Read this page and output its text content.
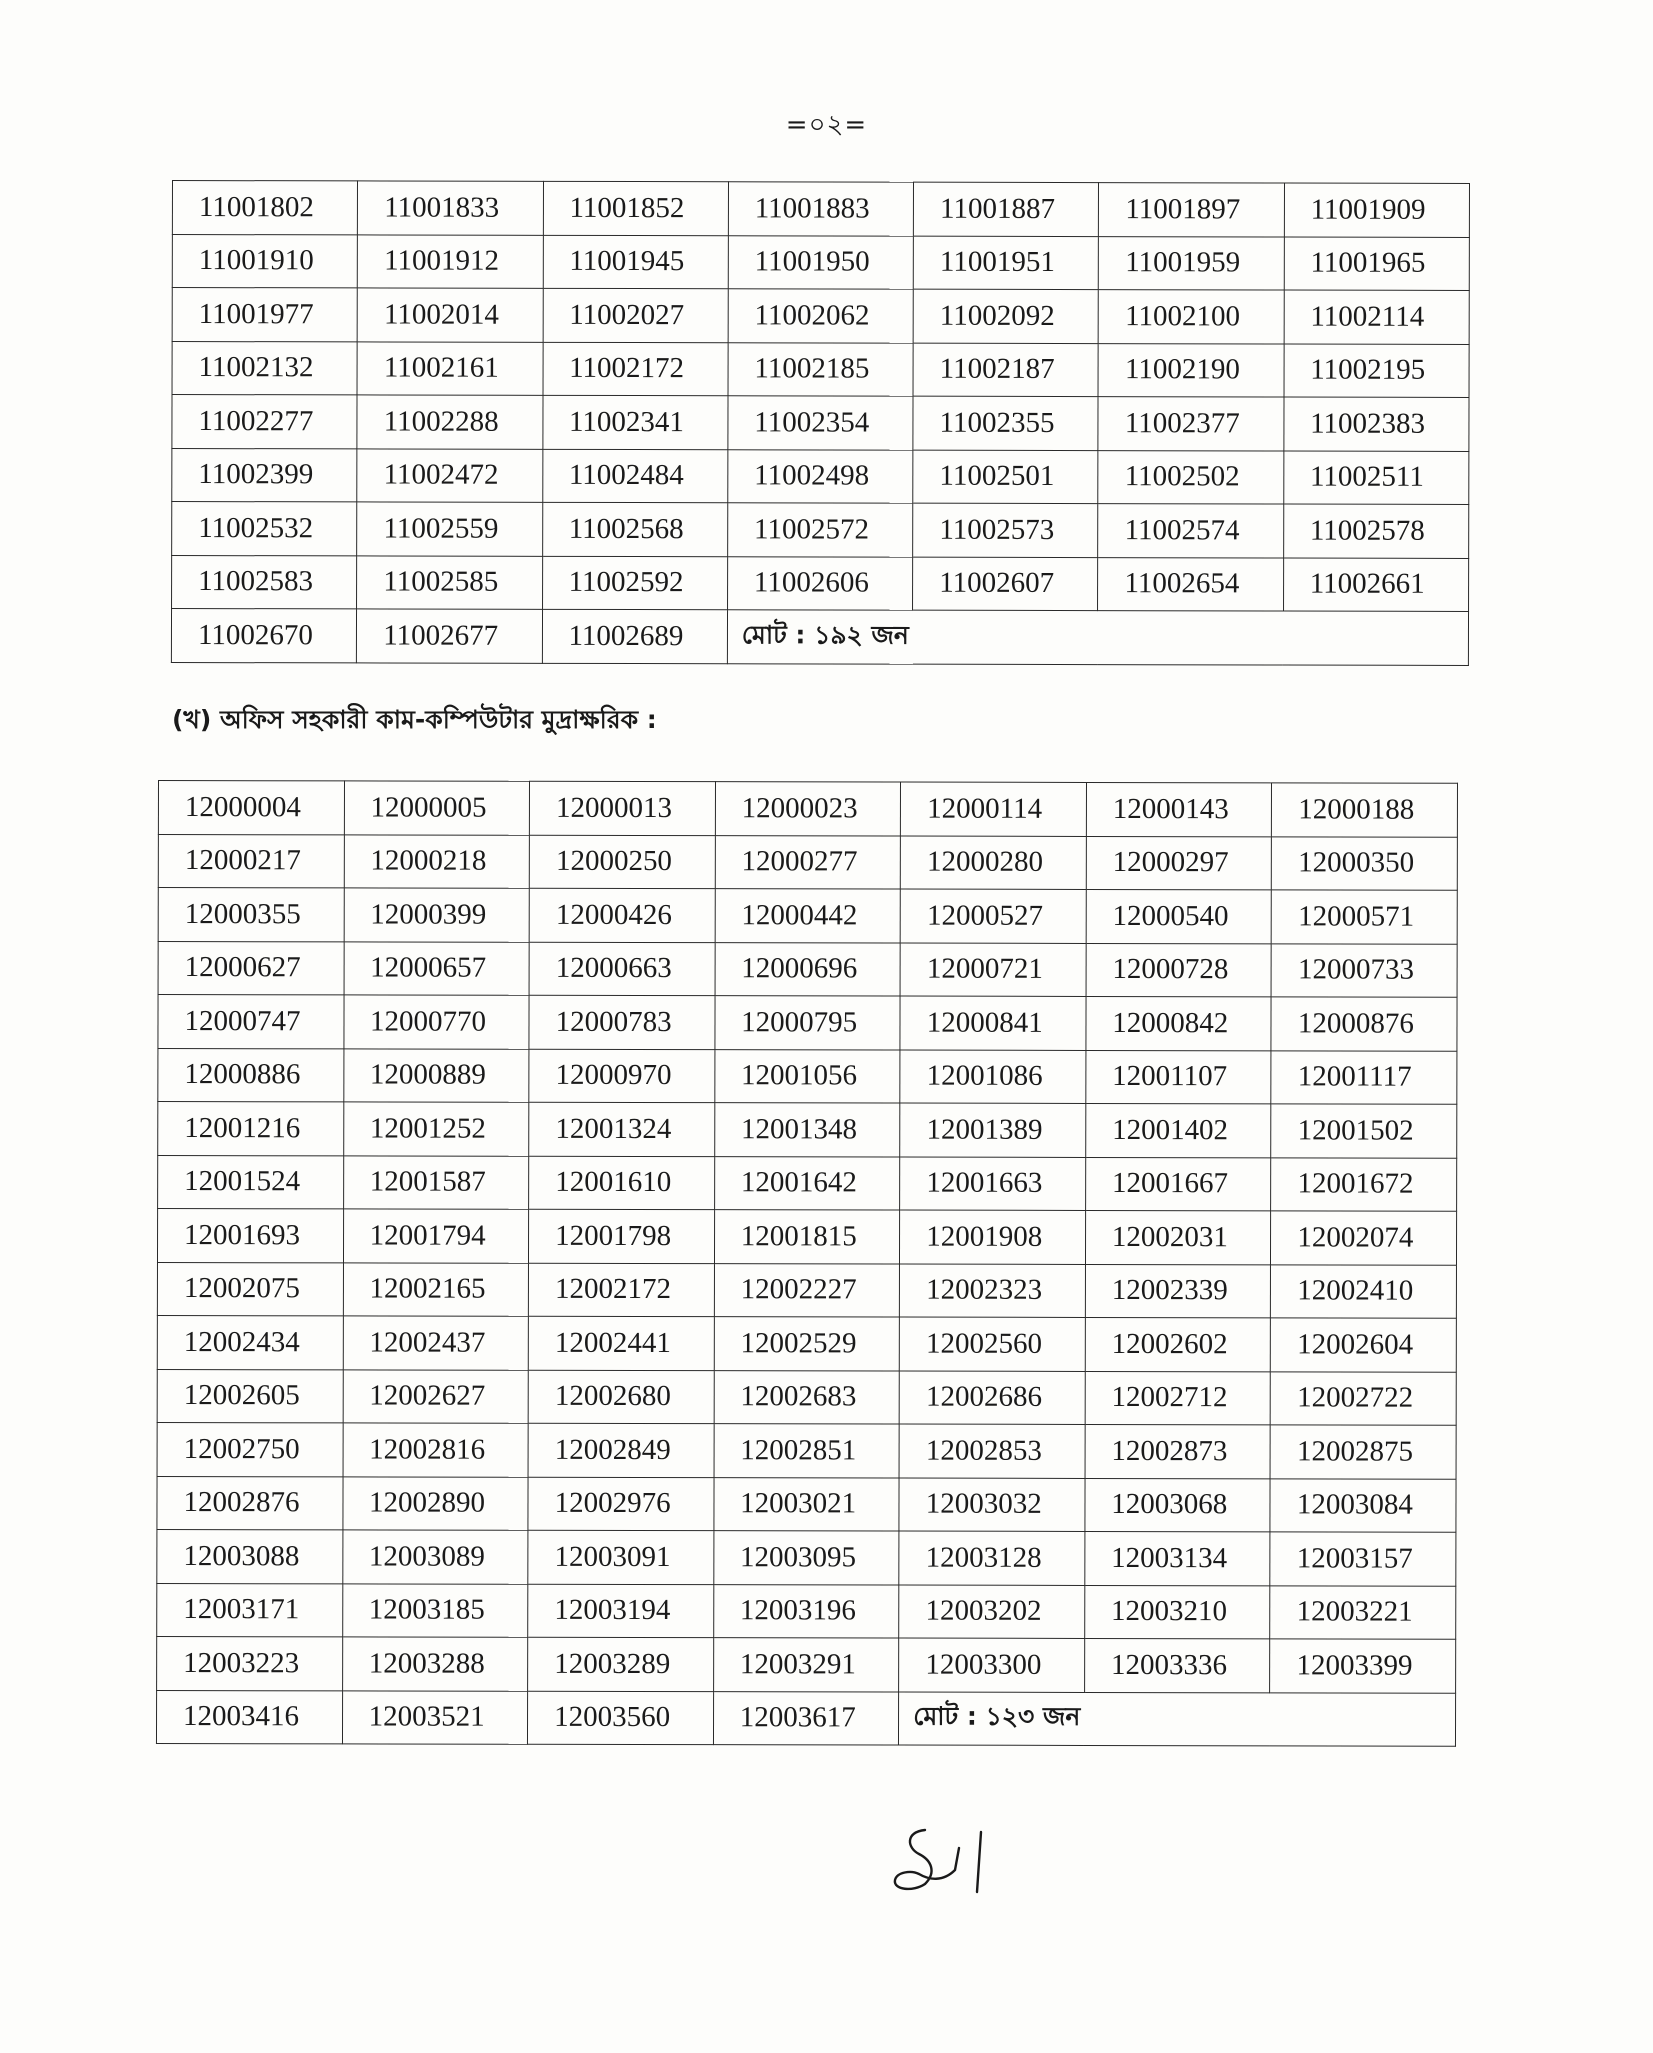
=০২=
11001802	11001833	11001852	11001883	11001887	11001897	11001909
11001910	11001912	11001945	11001950	11001951	11001959	11001965
11001977	11002014	11002027	11002062	11002092	11002100	11002114
11002132	11002161	11002172	11002185	11002187	11002190	11002195
11002277	11002288	11002341	11002354	11002355	11002377	11002383
11002399	11002472	11002484	11002498	11002501	11002502	11002511
11002532	11002559	11002568	11002572	11002573	11002574	11002578
11002583	11002585	11002592	11002606	11002607	11002654	11002661
11002670	11002677	11002689	মোট : ১৯২ জন			
(খ) অফিস সহকারী কাম-কম্পিউটার মুদ্রাক্ষরিক :
12000004	12000005	12000013	12000023	12000114	12000143	12000188
12000217	12000218	12000250	12000277	12000280	12000297	12000350
12000355	12000399	12000426	12000442	12000527	12000540	12000571
12000627	12000657	12000663	12000696	12000721	12000728	12000733
12000747	12000770	12000783	12000795	12000841	12000842	12000876
12000886	12000889	12000970	12001056	12001086	12001107	12001117
12001216	12001252	12001324	12001348	12001389	12001402	12001502
12001524	12001587	12001610	12001642	12001663	12001667	12001672
12001693	12001794	12001798	12001815	12001908	12002031	12002074
12002075	12002165	12002172	12002227	12002323	12002339	12002410
12002434	12002437	12002441	12002529	12002560	12002602	12002604
12002605	12002627	12002680	12002683	12002686	12002712	12002722
12002750	12002816	12002849	12002851	12002853	12002873	12002875
12002876	12002890	12002976	12003021	12003032	12003068	12003084
12003088	12003089	12003091	12003095	12003128	12003134	12003157
12003171	12003185	12003194	12003196	12003202	12003210	12003221
12003223	12003288	12003289	12003291	12003300	12003336	12003399
12003416	12003521	12003560	12003617	মোট : ১২৩ জন		
